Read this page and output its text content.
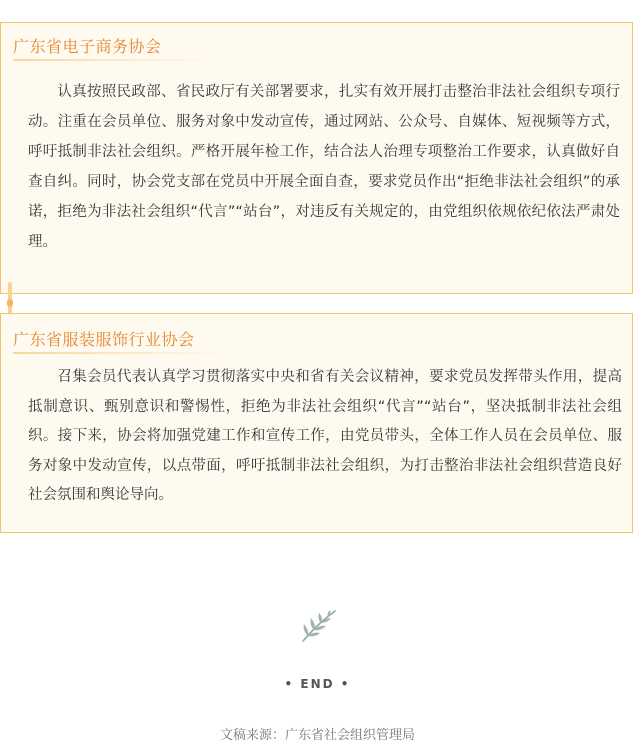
广东省电子商务协会

认真按照民政部、省民政厅有关部署要求，扎实有效开展打击整治非法社会组织专项行动。注重在会员单位、服务对象中发动宣传，通过网站、公众号、自媒体、短视频等方式，呼吁抵制非法社会组织。严格开展年检工作，结合法人治理专项整治工作要求，认真做好自查自纠。同时，协会党支部在党员中开展全面自查，要求党员作出“拒绝非法社会组织”的承诺，拒绝为非法社会组织“代言”“站台”，对违反有关规定的，由党组织依规依纪依法严肃处理。

广东省服装服饰行业协会

召集会员代表认真学习贯彻落实中央和省有关会议精神，要求党员发挥带头作用，提高抵制意识、甄别意识和警惕性，拒绝为非法社会组织“代言”“站台”，坚决抵制非法社会组织。接下来，协会将加强党建工作和宣传工作，由党员带头，全体工作人员在会员单位、服务对象中发动宣传，以点带面，呼吁抵制非法社会组织，为打击整治非法社会组织营造良好社会氛围和舆论导向。

• END •
文稿来源：广东省社会组织管理局
